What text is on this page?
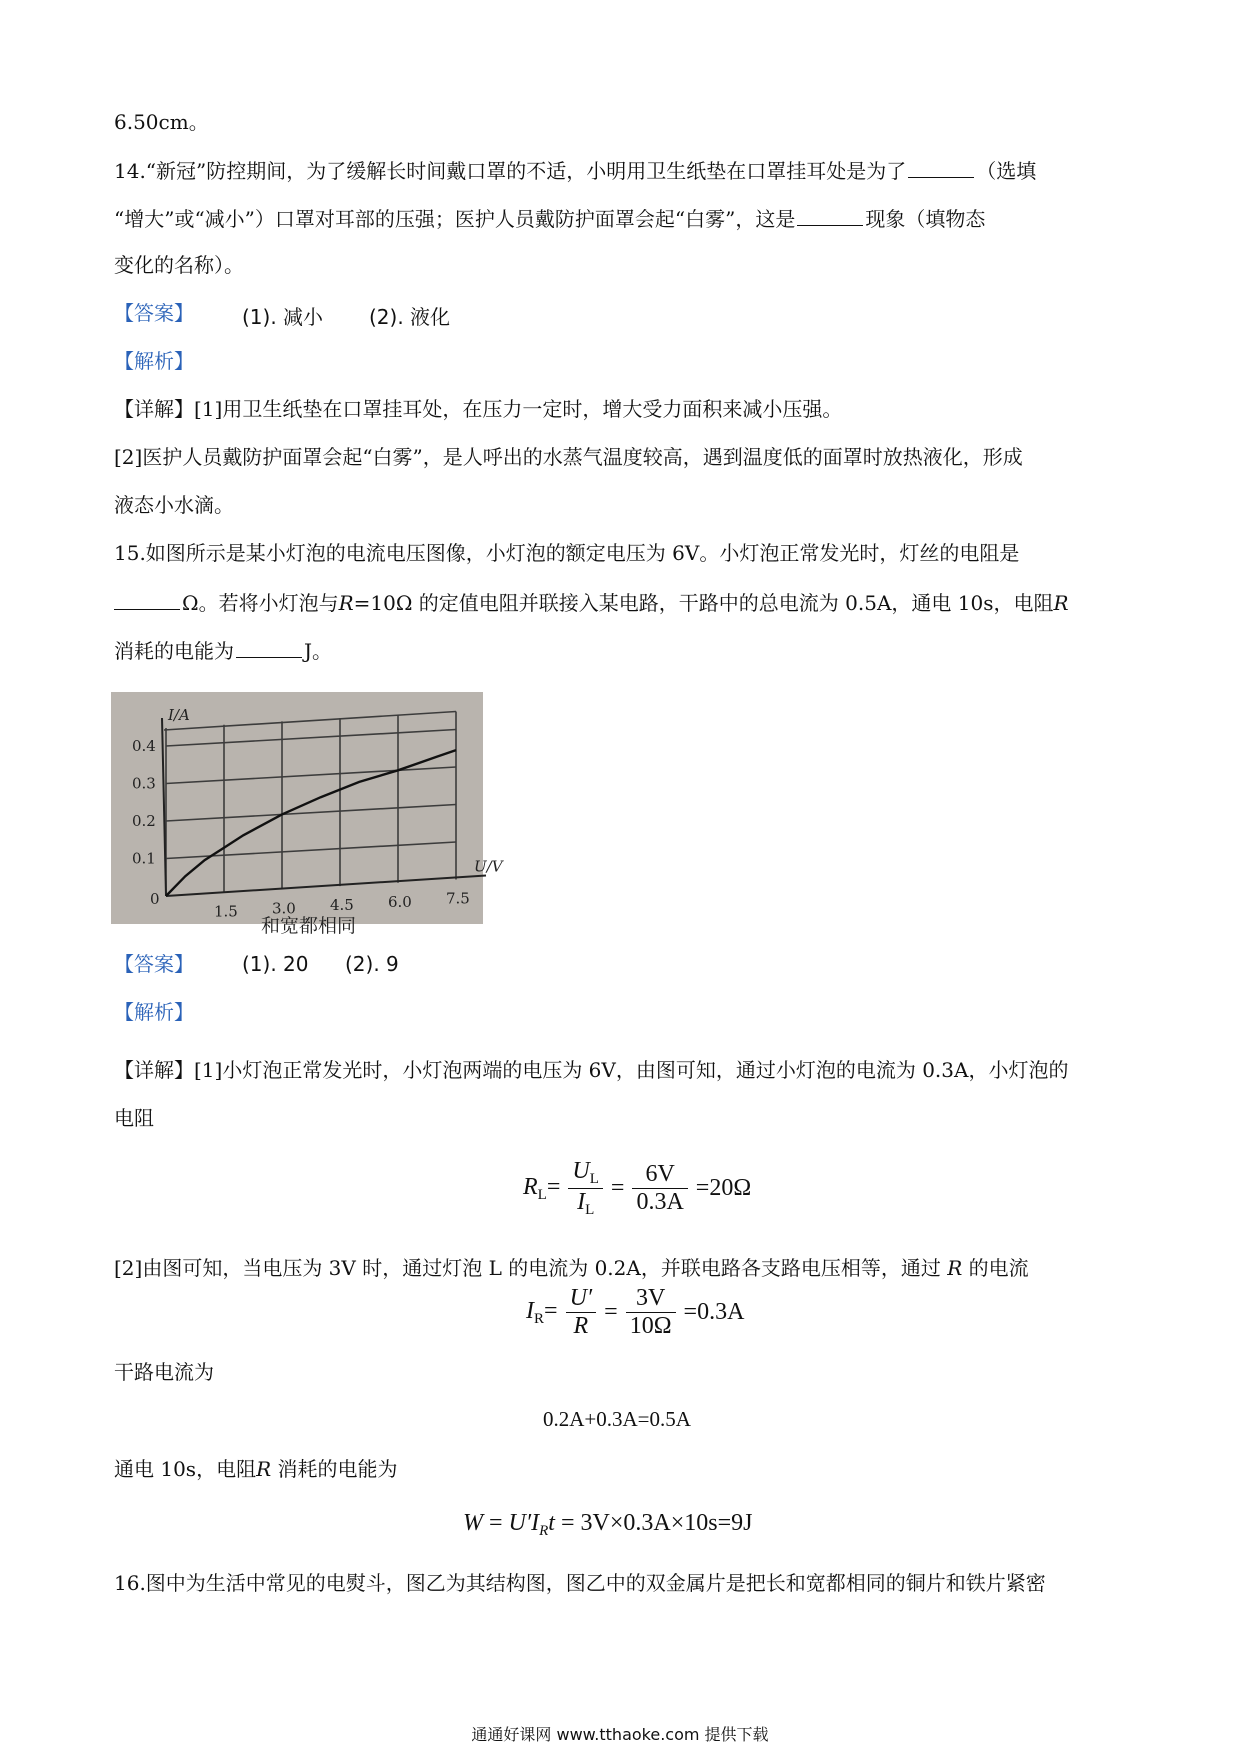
6.50cm。
14.“新冠”防控期间，为了缓解长时间戴口罩的不适，小明用卫生纸垫在口罩挂耳处是为了	（选填
“增大”或“减小”）口罩对耳部的压强；医护人员戴防护面罩会起“白雾”，这是	现象（填物态
变化的名称）。
【答案】 (1). 减小 (2). 液化
【解析】
【详解】[1]用卫生纸垫在口罩挂耳处，在压力一定时，增大受力面积来减小压强。
[2]医护人员戴防护面罩会起“白雾”，是人呼出的水蒸气温度较高，遇到温度低的面罩时放热液化，形成
液态小水滴。
15.如图所示是某小灯泡的电流电压图像，小灯泡的额定电压为 6V。小灯泡正常发光时，灯丝的电阻是
Ω。若将小灯泡与R=10Ω 的定值电阻并联接入某电路，干路中的总电流为 0.5A，通电 10s，电阻R
消耗的电能为	J。
U/V
I/A
0
1.5 3.0 4.5 6.0 7.5
0.1
0.2
0.3
0.4
和宽都相同
【答案】 (1). 20 (2). 9
【解析】
【详解】[1]小灯泡正常发光时，小灯泡两端的电压为 6V，由图可知，通过小灯泡的电流为 0.3A，小灯泡的
电阻
$R_L= \frac{U_L}{I_L} = \frac{6V}{0.3A} =20\Omega$
[2]由图可知，当电压为 3V 时，通过灯泡 L 的电流为 0.2A，并联电路各支路电压相等，通过 R 的电流
$I_R= \frac{U'}{R} = \frac{3V}{10\Omega} =0.3A$
干路电流为
0.2A+0.3A=0.5A
通电 10s，电阻R 消耗的电能为
$W = U'I_Rt = 3V\times 0.3A\times 10s=9J$
16.图中为生活中常见的电熨斗，图乙为其结构图，图乙中的双金属片是把长和宽都相同的铜片和铁片紧密
通通好课网 www.tthaoke.com 提供下载
